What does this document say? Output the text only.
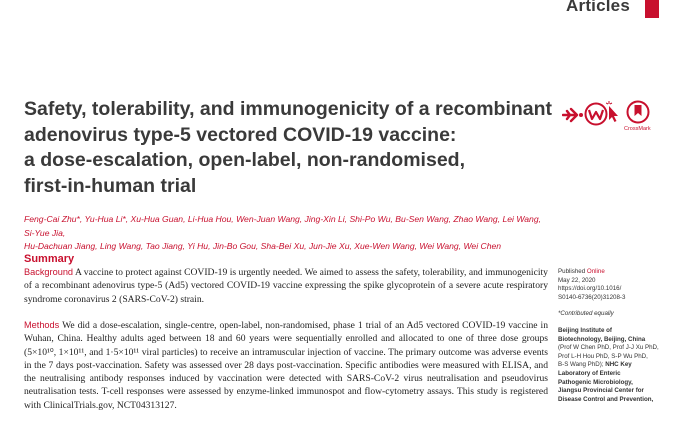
Articles
Safety, tolerability, and immunogenicity of a recombinant
adenovirus type-5 vectored COVID-19 vaccine:
a dose-escalation, open-label, non-randomised,
first-in-human trial
CrossMark
Feng-Cai Zhu*, Yu-Hua Li*, Xu-Hua Guan, Li-Hua Hou, Wen-Juan Wang, Jing-Xin Li, Shi-Po Wu, Bu-Sen Wang, Zhao Wang, Lei Wang, Si-Yue Jia,
Hu-Dachuan Jiang, Ling Wang, Tao Jiang, Yi Hu, Jin-Bo Gou, Sha-Bei Xu, Jun-Jie Xu, Xue-Wen Wang, Wei Wang, Wei Chen
Summary

Background A vaccine to protect against COVID-19 is urgently needed. We aimed to assess the safety, tolerability, and immunogenicity of a recombinant adenovirus type-5 (Ad5) vectored COVID-19 vaccine expressing the spike glycoprotein of a severe acute respiratory syndrome coronavirus 2 (SARS-CoV-2) strain.

Methods We did a dose-escalation, single-centre, open-label, non-randomised, phase 1 trial of an Ad5 vectored COVID-19 vaccine in Wuhan, China. Healthy adults aged between 18 and 60 years were sequentially enrolled and allocated to one of three dose groups (5×10¹⁰, 1×10¹¹, and 1·5×10¹¹ viral particles) to receive an intramuscular injection of vaccine. The primary outcome was adverse events in the 7 days post-vaccination. Safety was assessed over 28 days post-vaccination. Specific antibodies were measured with ELISA, and the neutralising antibody responses induced by vaccination were detected with SARS-CoV-2 virus neutralisation and pseudovirus neutralisation tests. T-cell responses were assessed by enzyme-linked immunospot and flow-cytometry assays. This study is registered with ClinicalTrials.gov, NCT04313127.

Published Online
May 22, 2020
https://doi.org/10.1016/
S0140-6736(20)31208-3

*Contributed equally

Beijing Institute of
Biotechnology, Beijing, China
(Prof W Chen PhD, Prof J-J Xu PhD,
Prof L-H Hou PhD, S-P Wu PhD,
B-S Wang PhD); NHC Key
Laboratory of Enteric
Pathogenic Microbiology,
Jiangsu Provincial Center for
Disease Control and Prevention,
